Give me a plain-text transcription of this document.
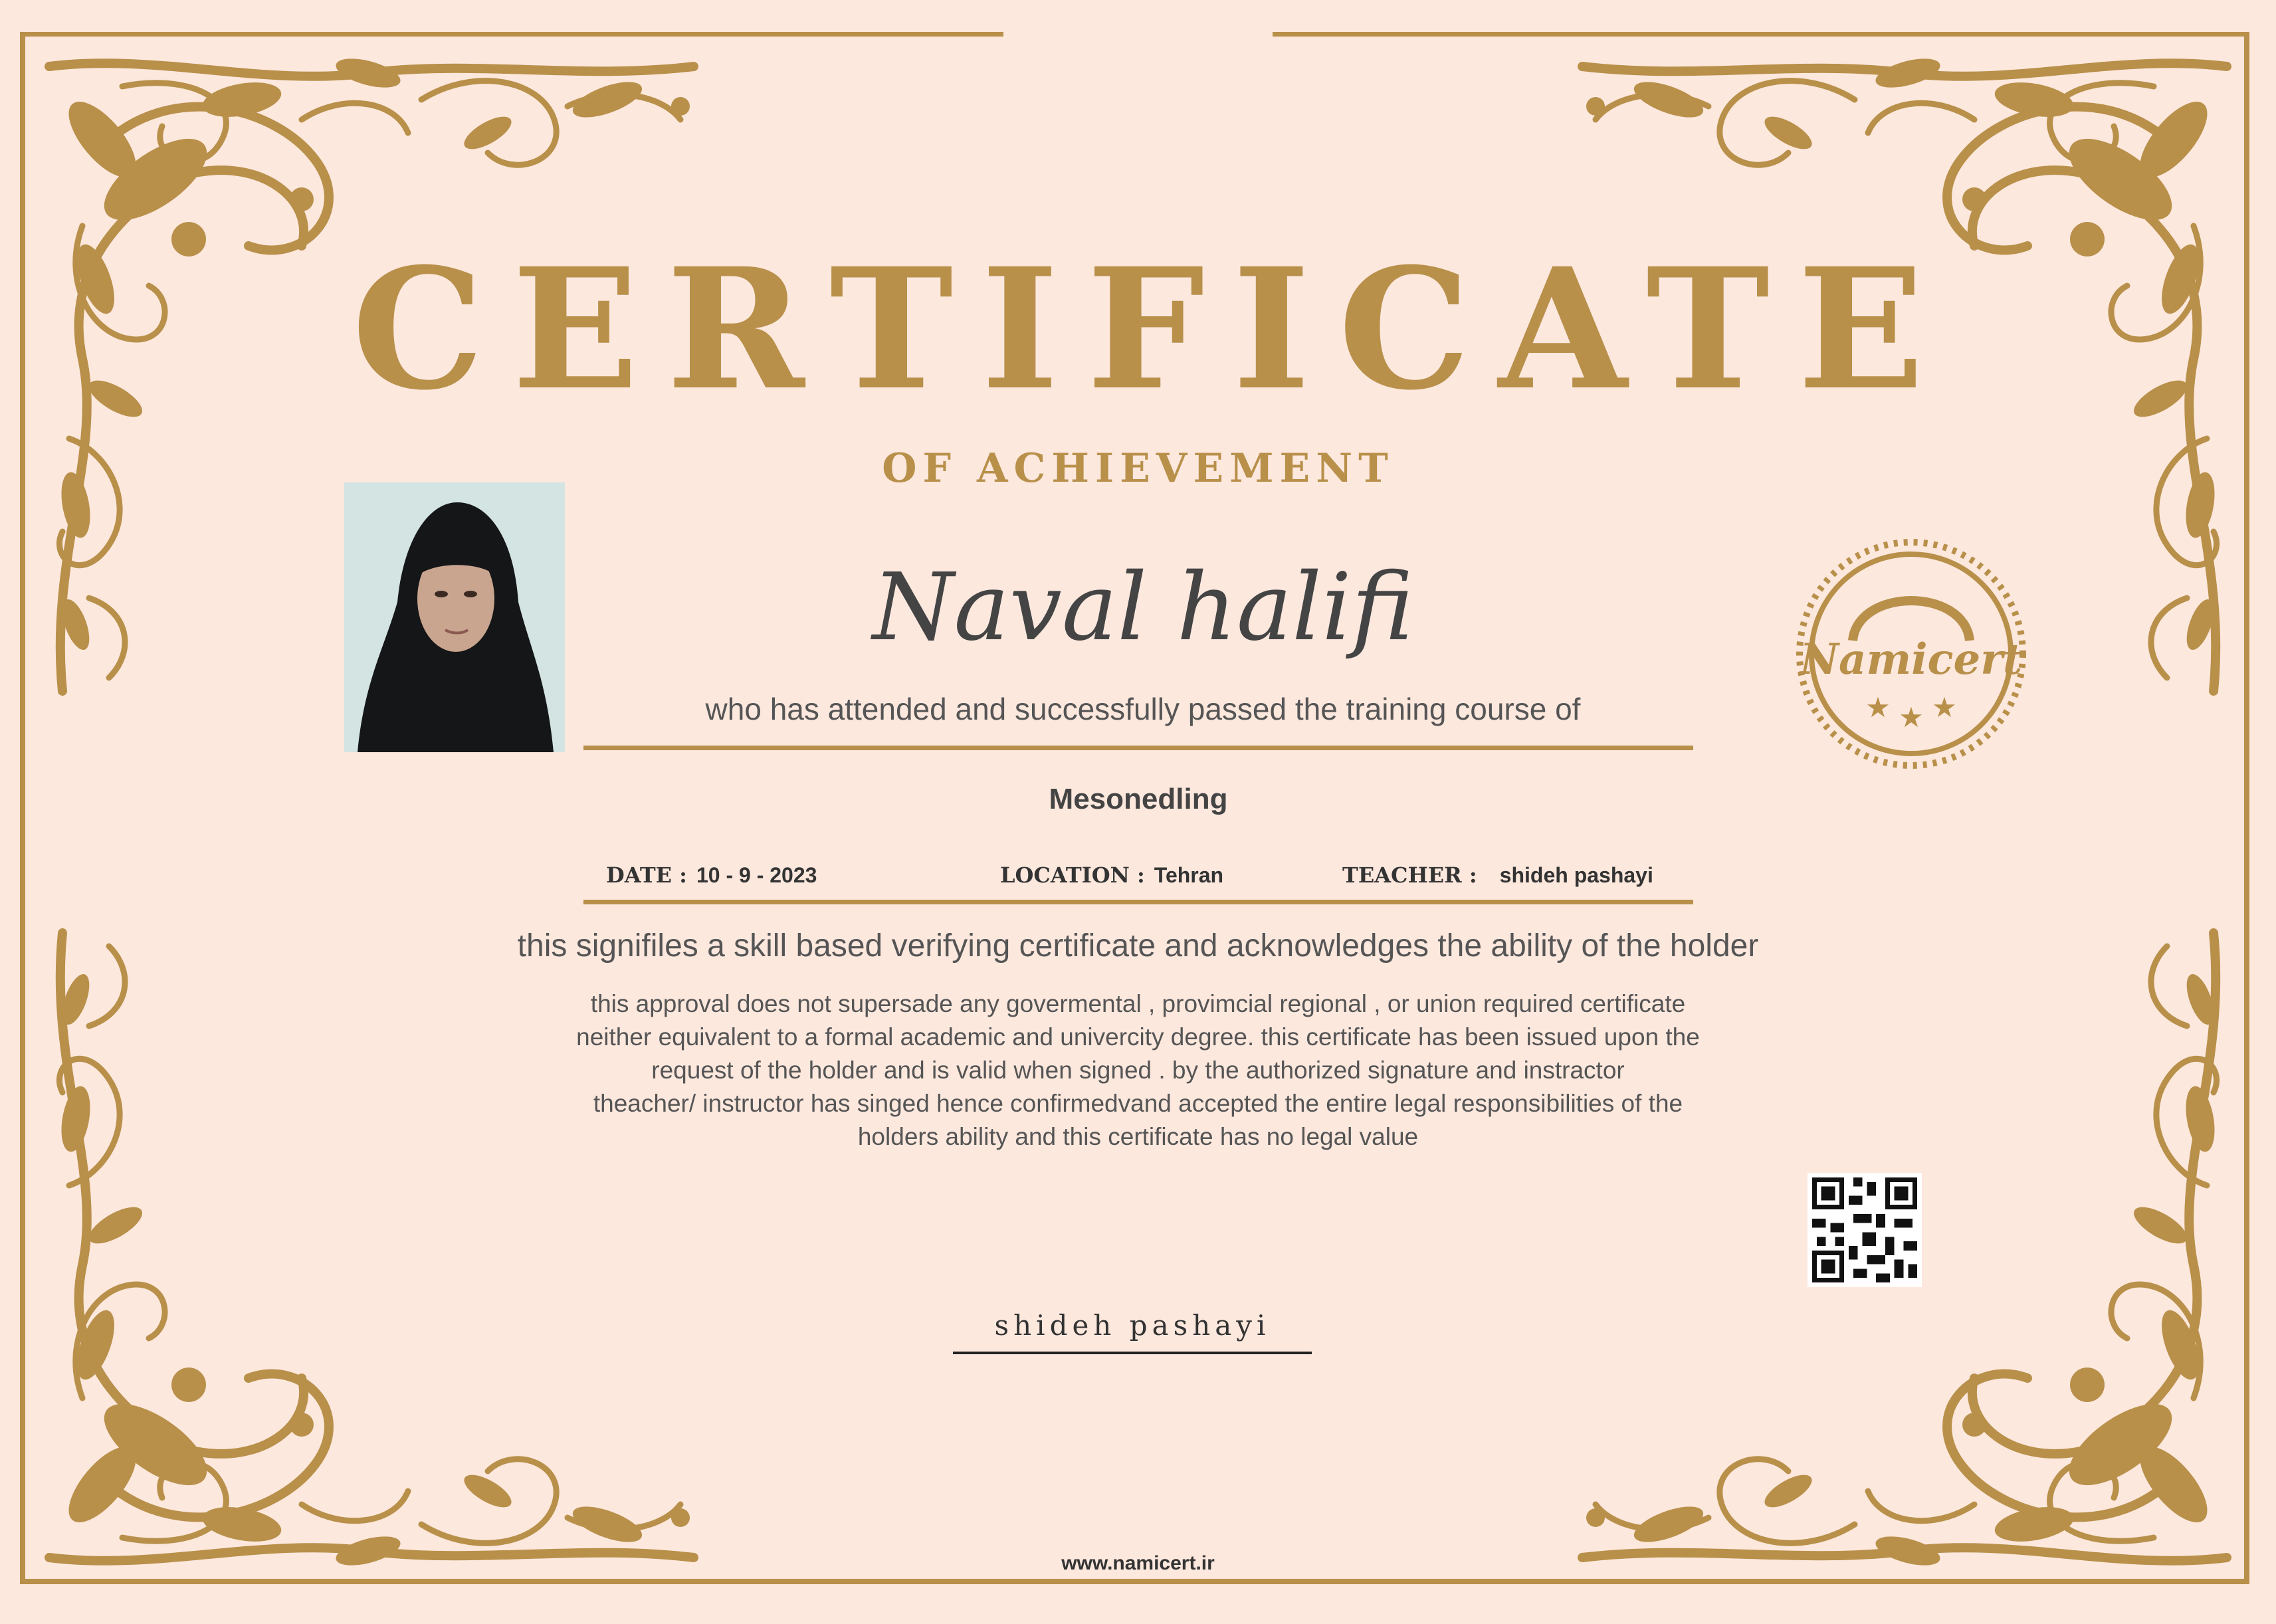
CERTIFICATE
OF ACHIEVEMENT
Naval halifi
who has attended and successfully passed the training course of
Mesonedling
DATE : 10 - 9 - 2023	LOCATION : Tehran	TEACHER : shideh pashayi
this signifiles a skill based verifying certificate and acknowledges the ability of the holder
this approval does not supersade any govermental , provimcial regional , or union required certificate
neither equivalent to a formal academic and univercity degree. this certificate has been issued upon the
request of the holder and is valid when signed . by the authorized signature and instractor
theacher/ instructor has singed hence confirmedvand accepted the entire legal responsibilities of the
holders ability and this certificate has no legal value
Namicert
★ ★ ★
shideh pashayi
www.namicert.ir
